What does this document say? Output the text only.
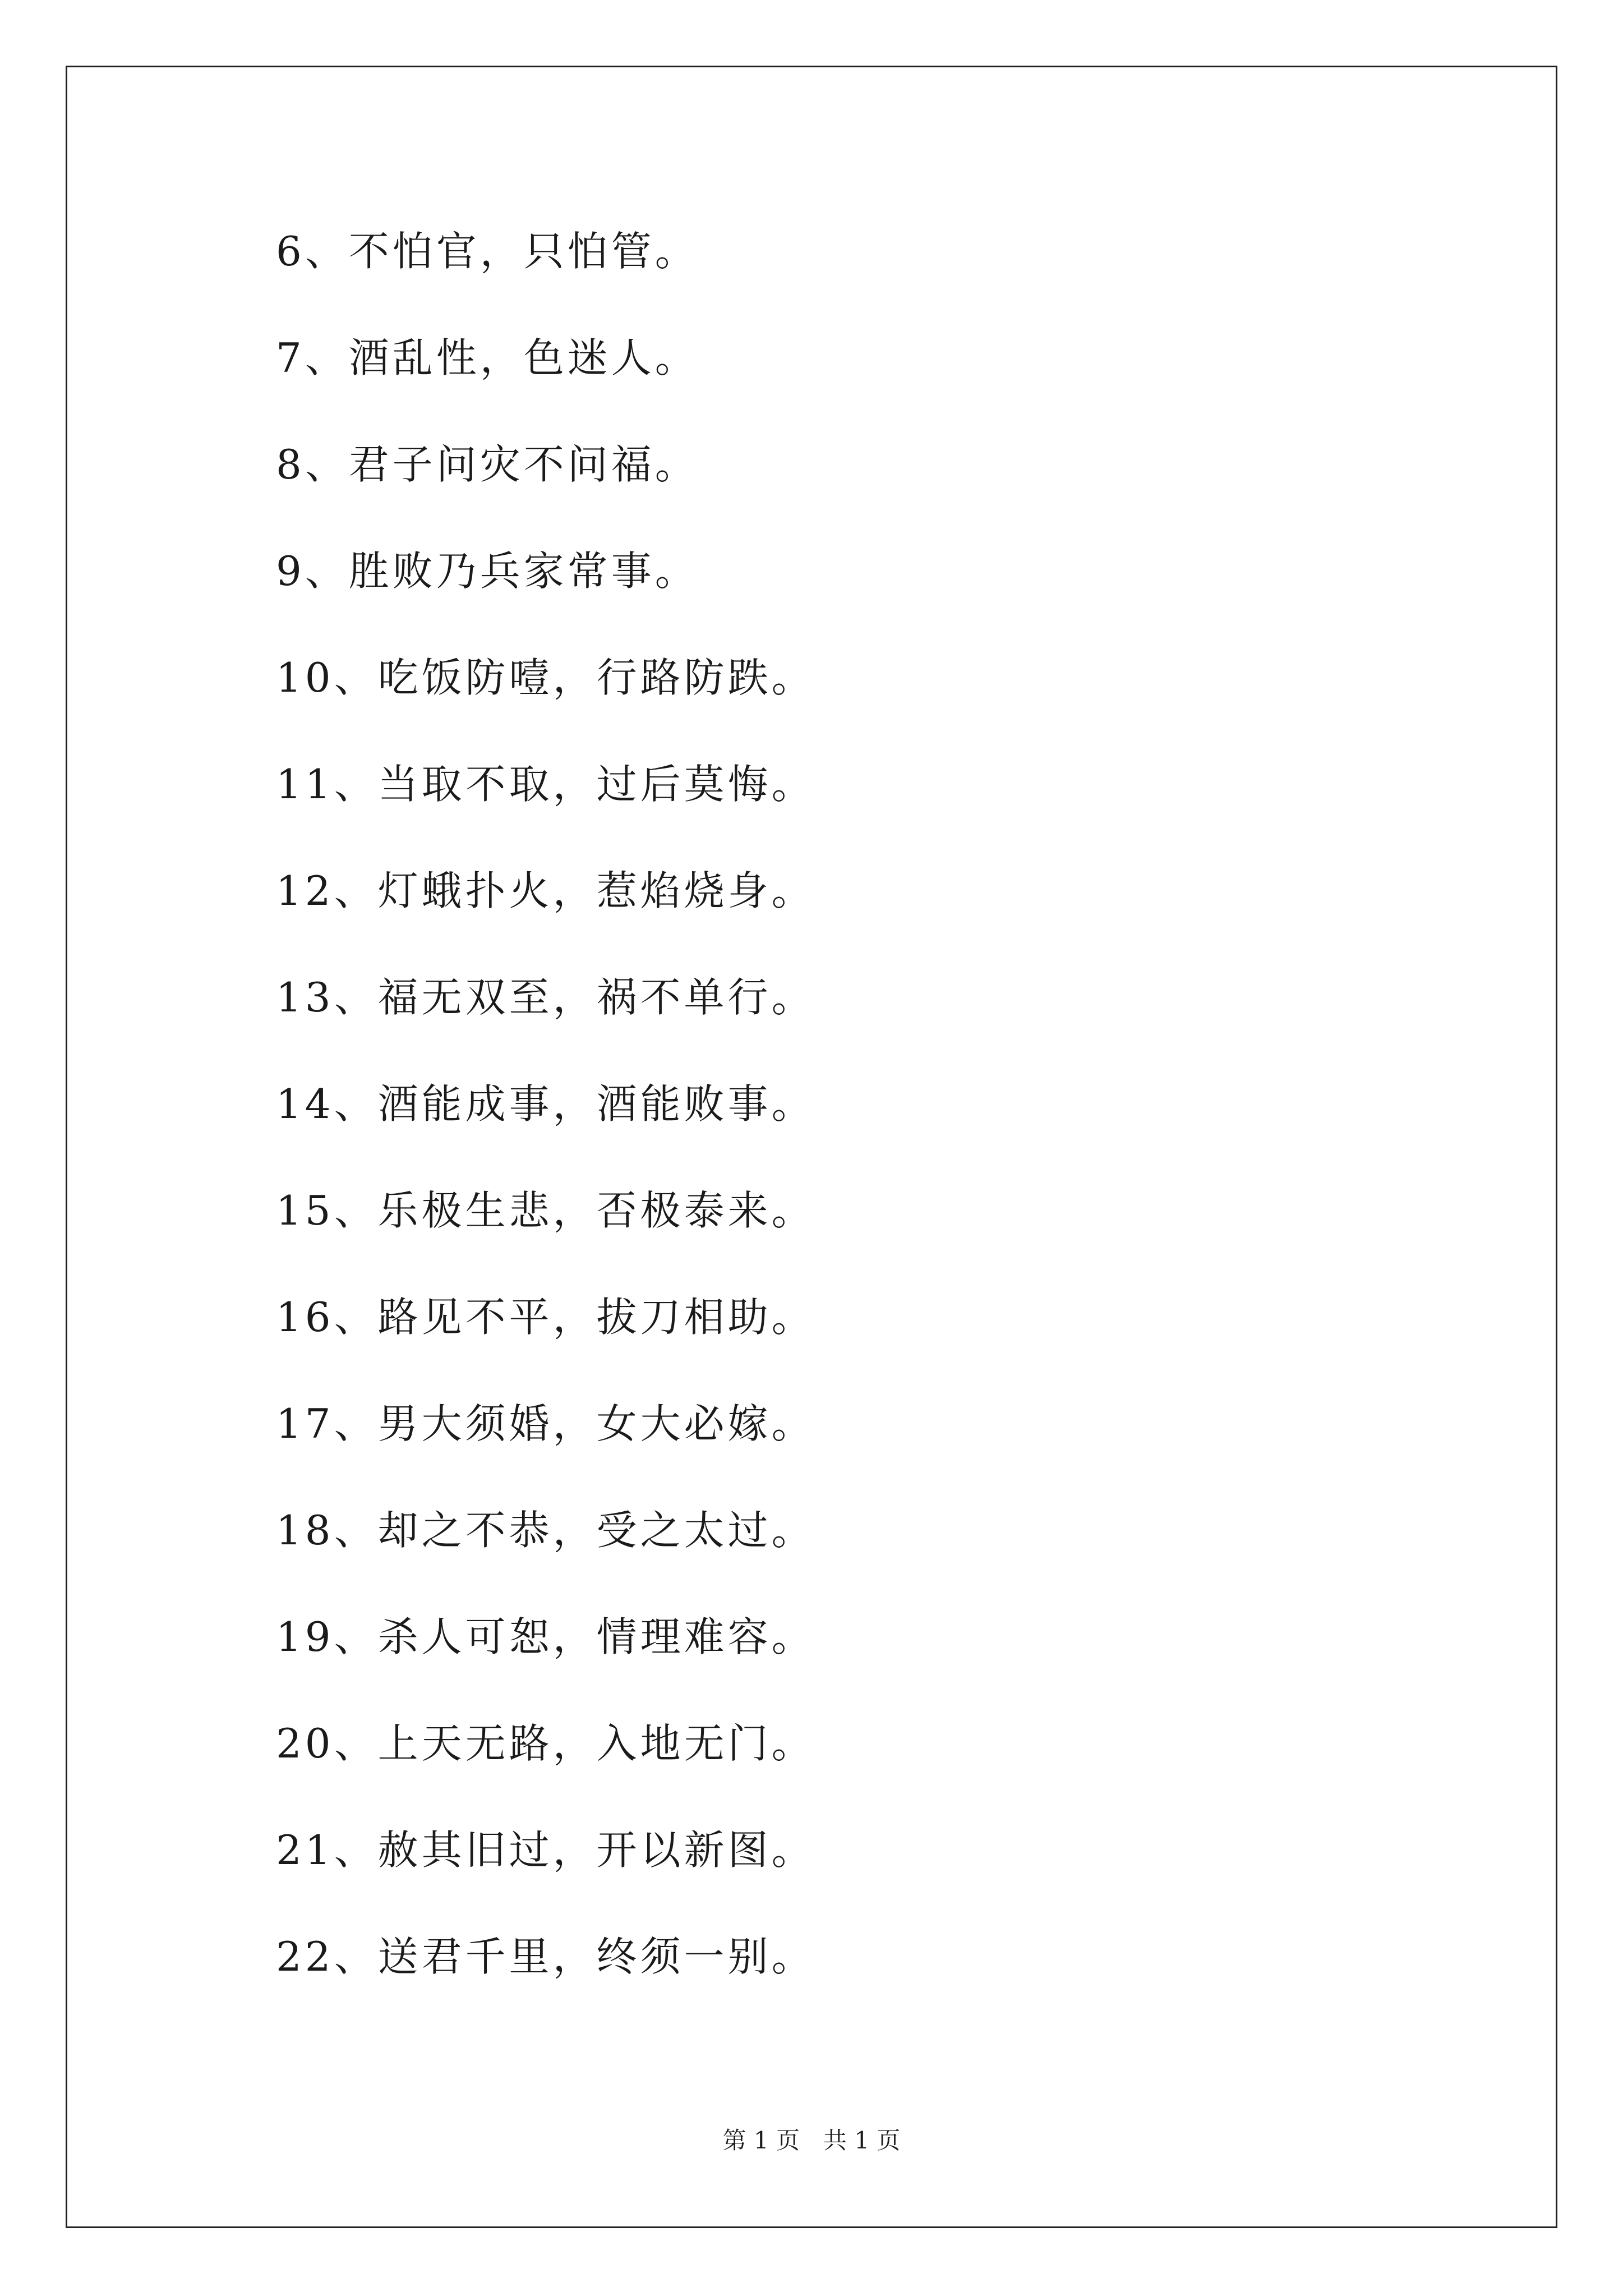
6、不怕官，只怕管。
7、酒乱性，色迷人。
8、君子问灾不问福。
9、胜败乃兵家常事。
10、吃饭防噎，行路防跌。
11、当取不取，过后莫悔。
12、灯蛾扑火，惹焰烧身。
13、福无双至，祸不单行。
14、酒能成事，酒能败事。
15、乐极生悲，否极泰来。
16、路见不平，拔刀相助。
17、男大须婚，女大必嫁。
18、却之不恭，受之太过。
19、杀人可恕，情理难容。
20、上天无路，入地无门。
21、赦其旧过，开以新图。
22、送君千里，终须一别。
第 1 页　共 1 页
